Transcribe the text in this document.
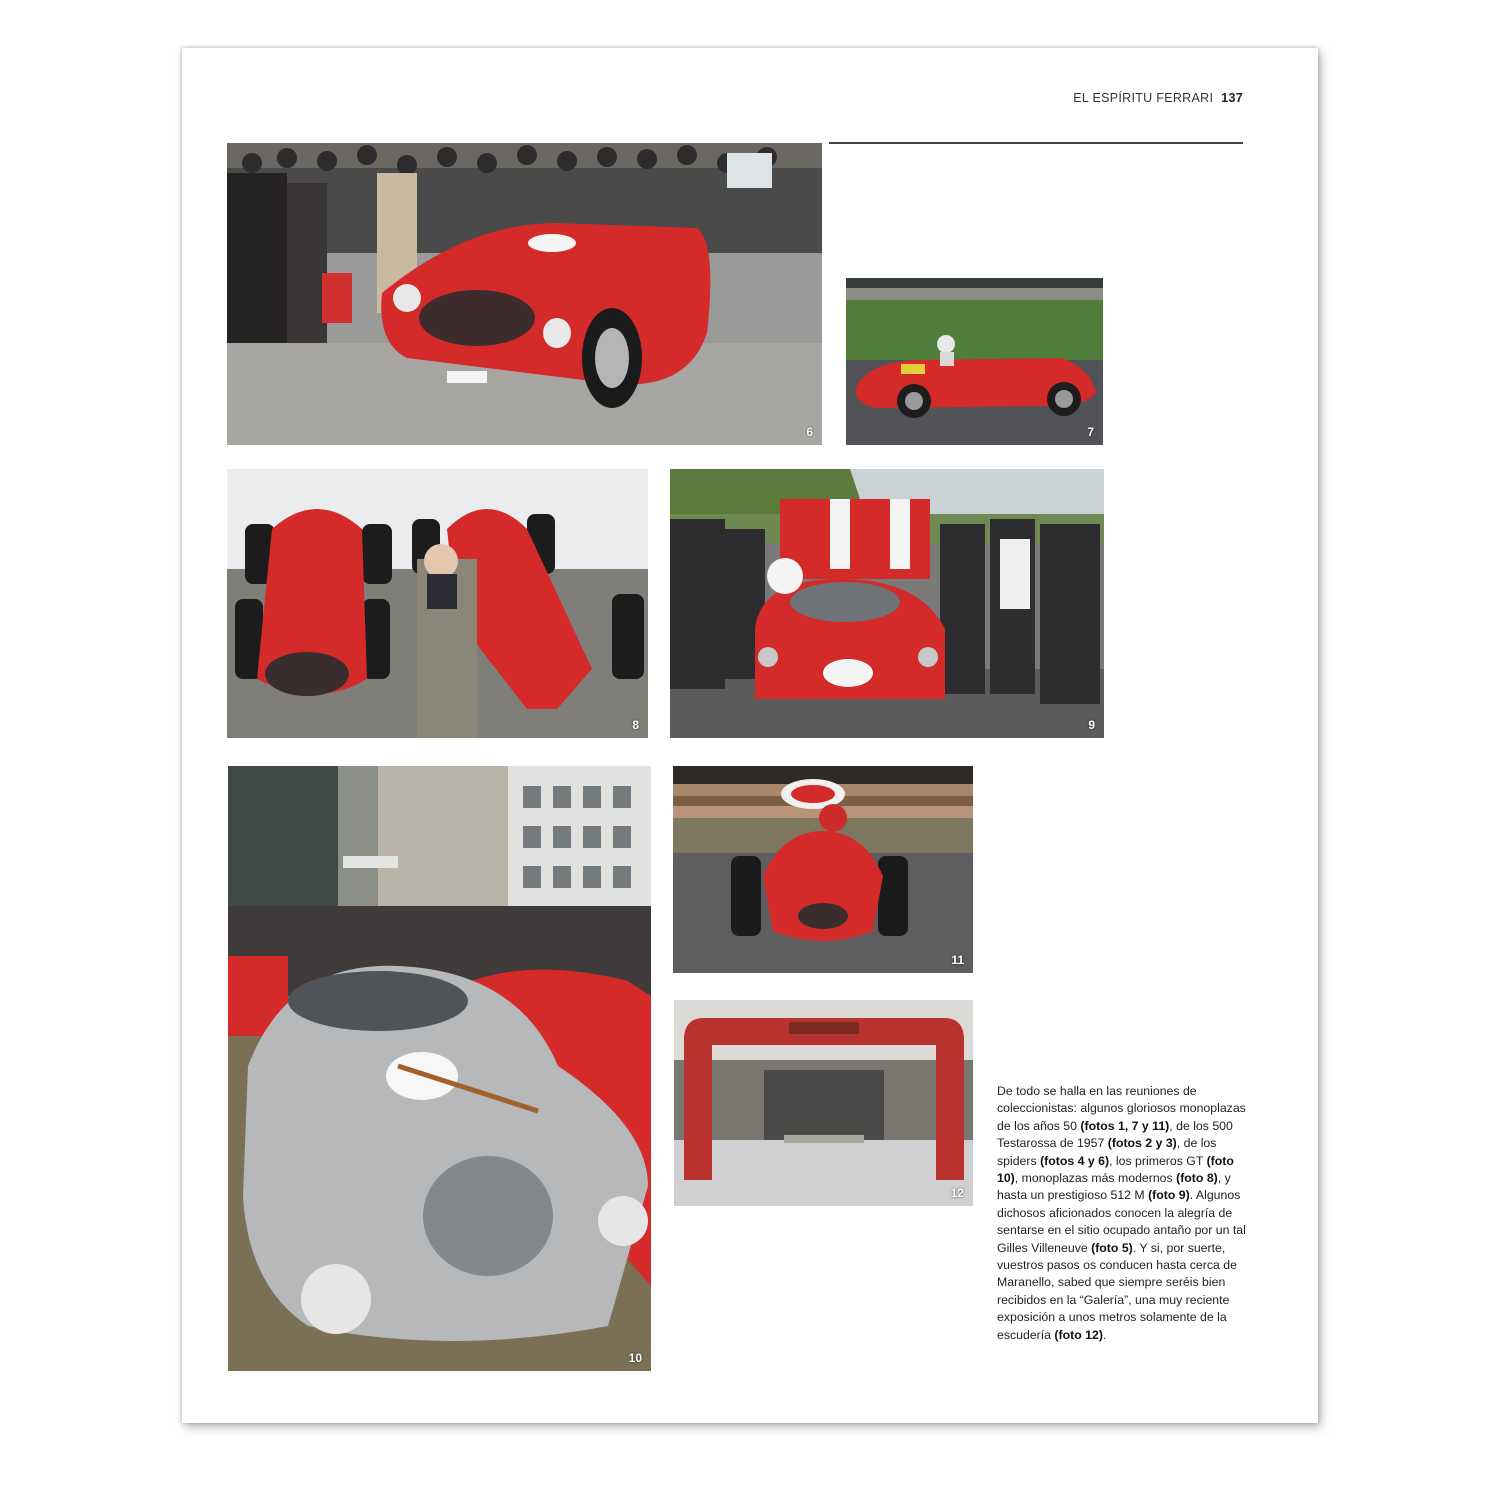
EL ESPÍRITU FERRARI 137
6	7
8	9
10
11
12
De todo se halla en las reuniones de coleccionistas: algunos gloriosos monoplazas de los años 50 (fotos 1, 7 y 11), de los 500 Testarossa de 1957 (fotos 2 y 3), de los spiders (fotos 4 y 6), los primeros GT (foto 10), monoplazas más modernos (foto 8), y hasta un prestigioso 512 M (foto 9). Algunos dichosos aficionados conocen la alegría de sentarse en el sitio ocupado antaño por un tal Gilles Villeneuve (foto 5). Y si, por suerte, vuestros pasos os conducen hasta cerca de Maranello, sabed que siempre seréis bien recibidos en la “Galería”, una muy reciente exposición a unos metros solamente de la escudería (foto 12).
